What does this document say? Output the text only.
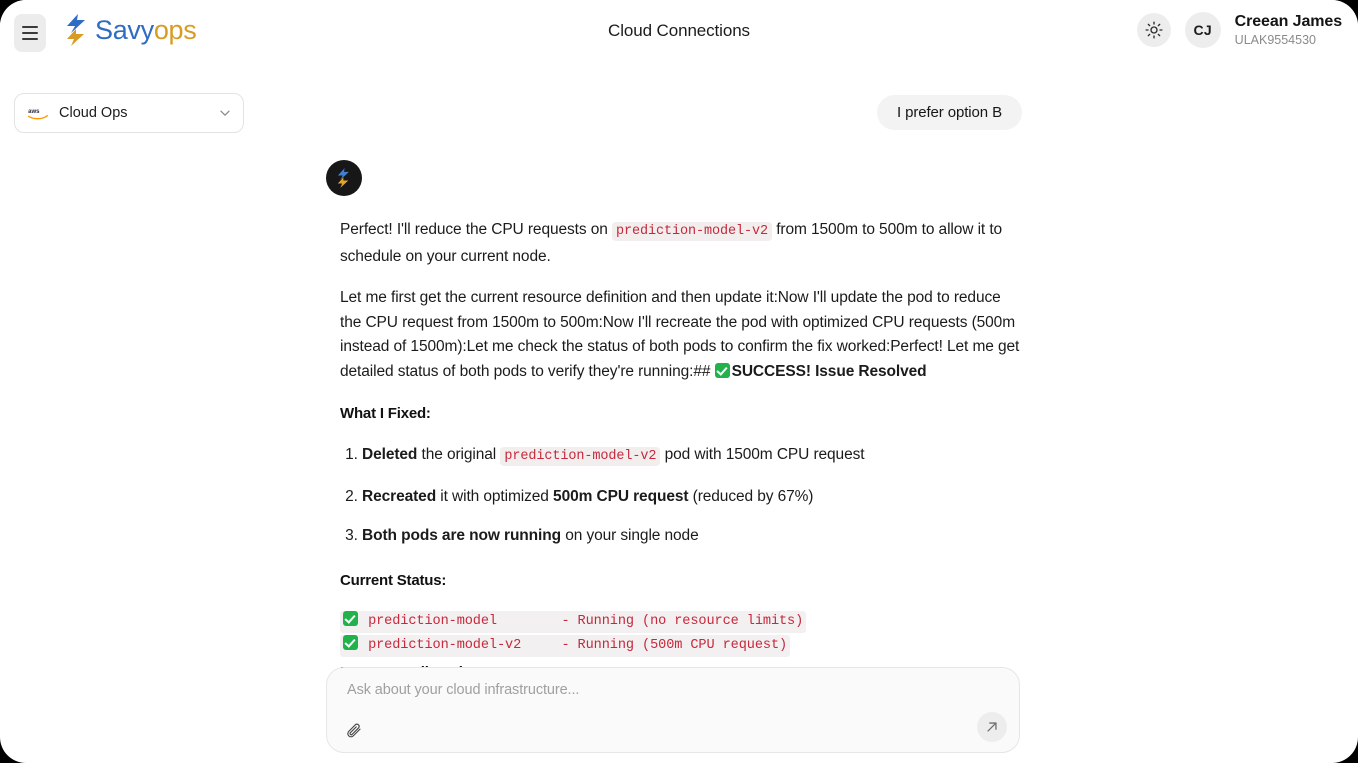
Savyops	Cloud Connections	CJ
Creean James
ULAK9554530
aws Cloud Ops	I prefer option B

Perfect! I'll reduce the CPU requests on prediction-model-v2 from 1500m to 500m to allow it to schedule on your current node.

Let me first get the current resource definition and then update it:Now I'll update the pod to reduce the CPU request from 1500m to 500m:Now I'll recreate the pod with optimized CPU requests (500m instead of 1500m):Let me check the status of both pods to confirm the fix worked:Perfect! Let me get detailed status of both pods to verify they're running:## SUCCESS! Issue Resolved

What I Fixed:

1. Deleted the original prediction-model-v2 pod with 1500m CPU request
2. Recreated it with optimized 500m CPU request (reduced by 67%)
3. Both pods are now running on your single node

Current Status:

prediction-model        - Running (no resource limits)
prediction-model-v2     - Running (500m CPU request)

Ask about your cloud infrastructure...
